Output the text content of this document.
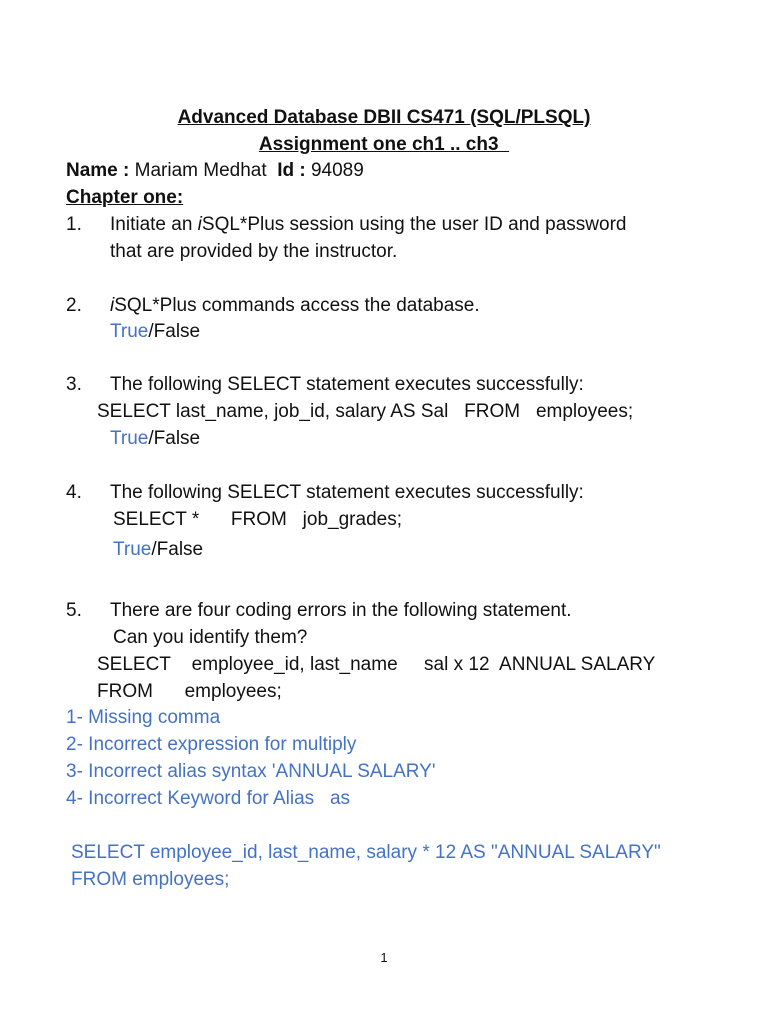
Advanced Database DBII CS471 (SQL/PLSQL)
Assignment one ch1 .. ch3
Name : Mariam Medhat  Id : 94089
Chapter one:
1. Initiate an iSQL*Plus session using the user ID and password
that are provided by the instructor.
2. iSQL*Plus commands access the database.
True/False
3. The following SELECT statement executes successfully:
SELECT last_name, job_id, salary AS Sal   FROM   employees;
True/False
4. The following SELECT statement executes successfully:
SELECT *      FROM   job_grades;
True/False
5. There are four coding errors in the following statement.
Can you identify them?
SELECT    employee_id, last_name     sal x 12  ANNUAL SALARY
FROM      employees;
1- Missing comma
2- Incorrect expression for multiply
3- Incorrect alias syntax 'ANNUAL SALARY'
4- Incorrect Keyword for Alias   as
SELECT employee_id, last_name, salary * 12 AS "ANNUAL SALARY"
FROM employees;
1
